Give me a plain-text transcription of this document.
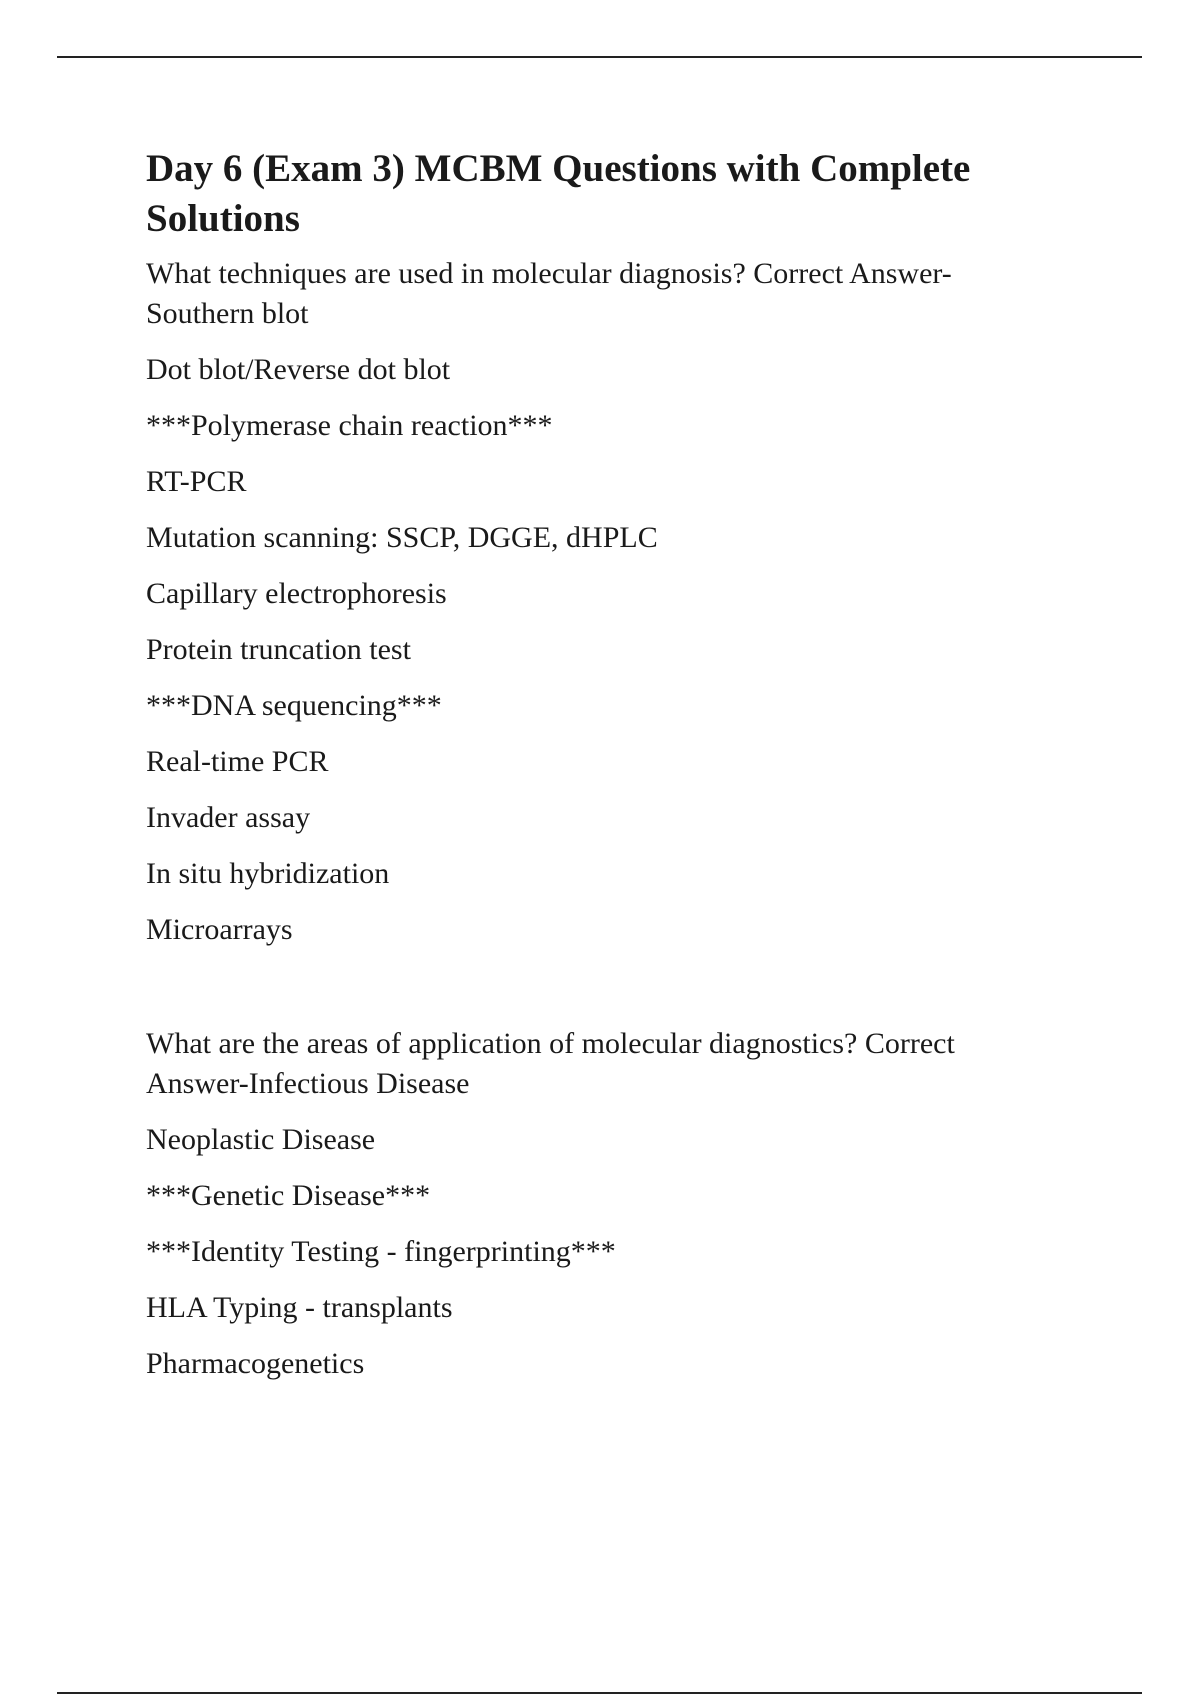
Day 6 (Exam 3) MCBM Questions with Complete Solutions

What techniques are used in molecular diagnosis? Correct Answer-Southern blot

Dot blot/Reverse dot blot

***Polymerase chain reaction***

RT-PCR

Mutation scanning: SSCP, DGGE, dHPLC

Capillary electrophoresis

Protein truncation test

***DNA sequencing***

Real-time PCR

Invader assay

In situ hybridization

Microarrays

What are the areas of application of molecular diagnostics? Correct Answer-Infectious Disease

Neoplastic Disease

***Genetic Disease***

***Identity Testing - fingerprinting***

HLA Typing - transplants

Pharmacogenetics
